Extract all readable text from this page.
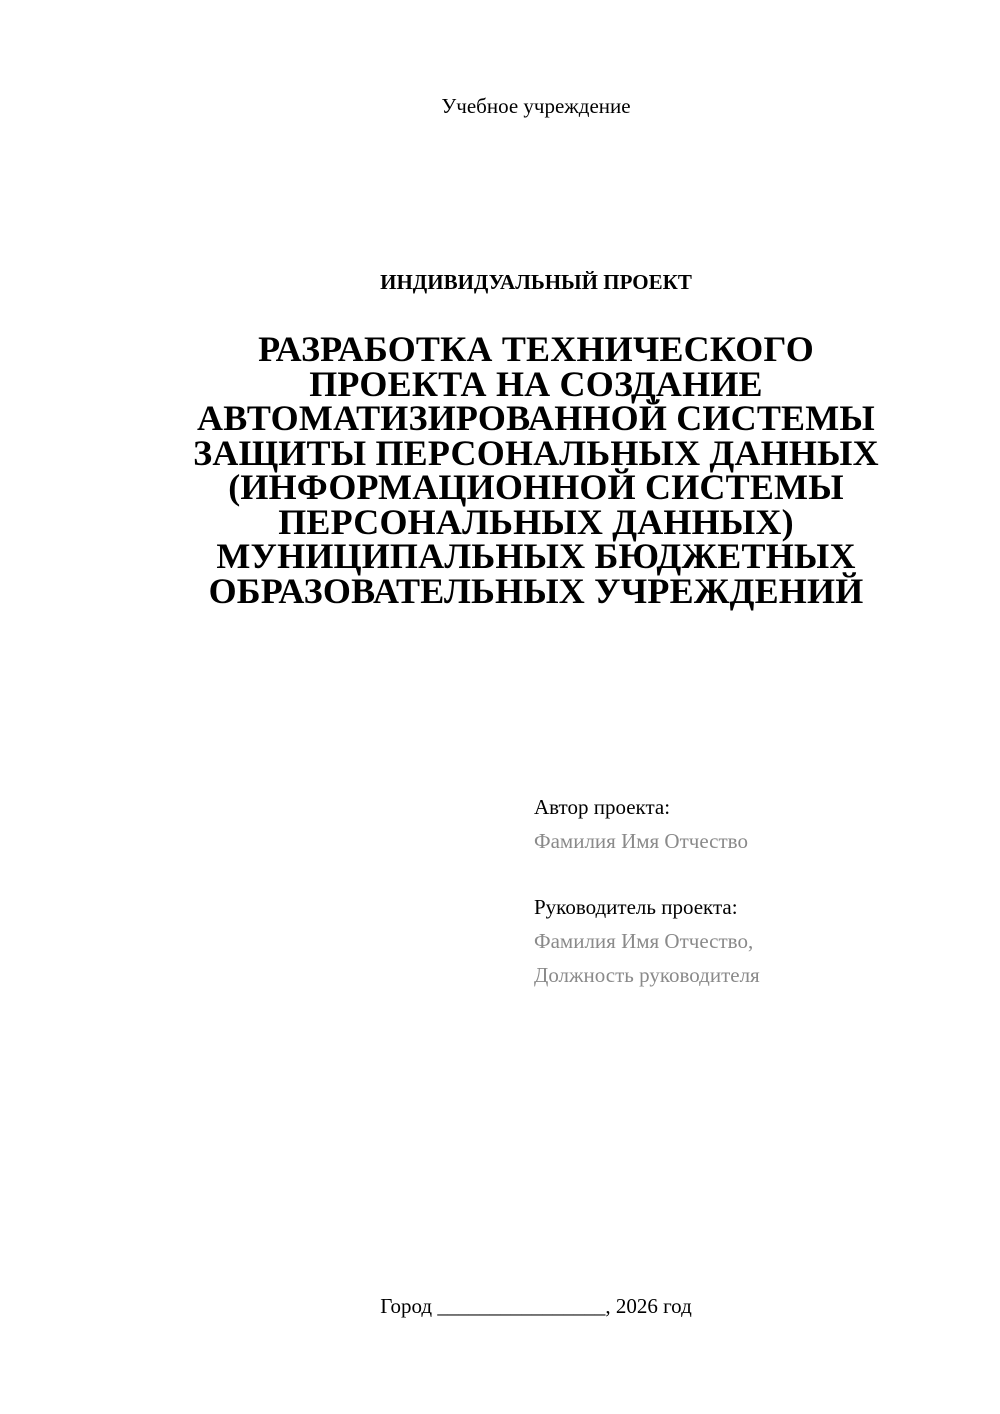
Учебное учреждение
ИНДИВИДУАЛЬНЫЙ ПРОЕКТ
РАЗРАБОТКА ТЕХНИЧЕСКОГО
ПРОЕКТА НА СОЗДАНИЕ
АВТОМАТИЗИРОВАННОЙ СИСТЕМЫ
ЗАЩИТЫ ПЕРСОНАЛЬНЫХ ДАННЫХ
(ИНФОРМАЦИОННОЙ СИСТЕМЫ
ПЕРСОНАЛЬНЫХ ДАННЫХ)
МУНИЦИПАЛЬНЫХ БЮДЖЕТНЫХ
ОБРАЗОВАТЕЛЬНЫХ УЧРЕЖДЕНИЙ
Автор проекта:
Фамилия Имя Отчество
Руководитель проекта:
Фамилия Имя Отчество,
Должность руководителя
Город ________________, 2026 год
